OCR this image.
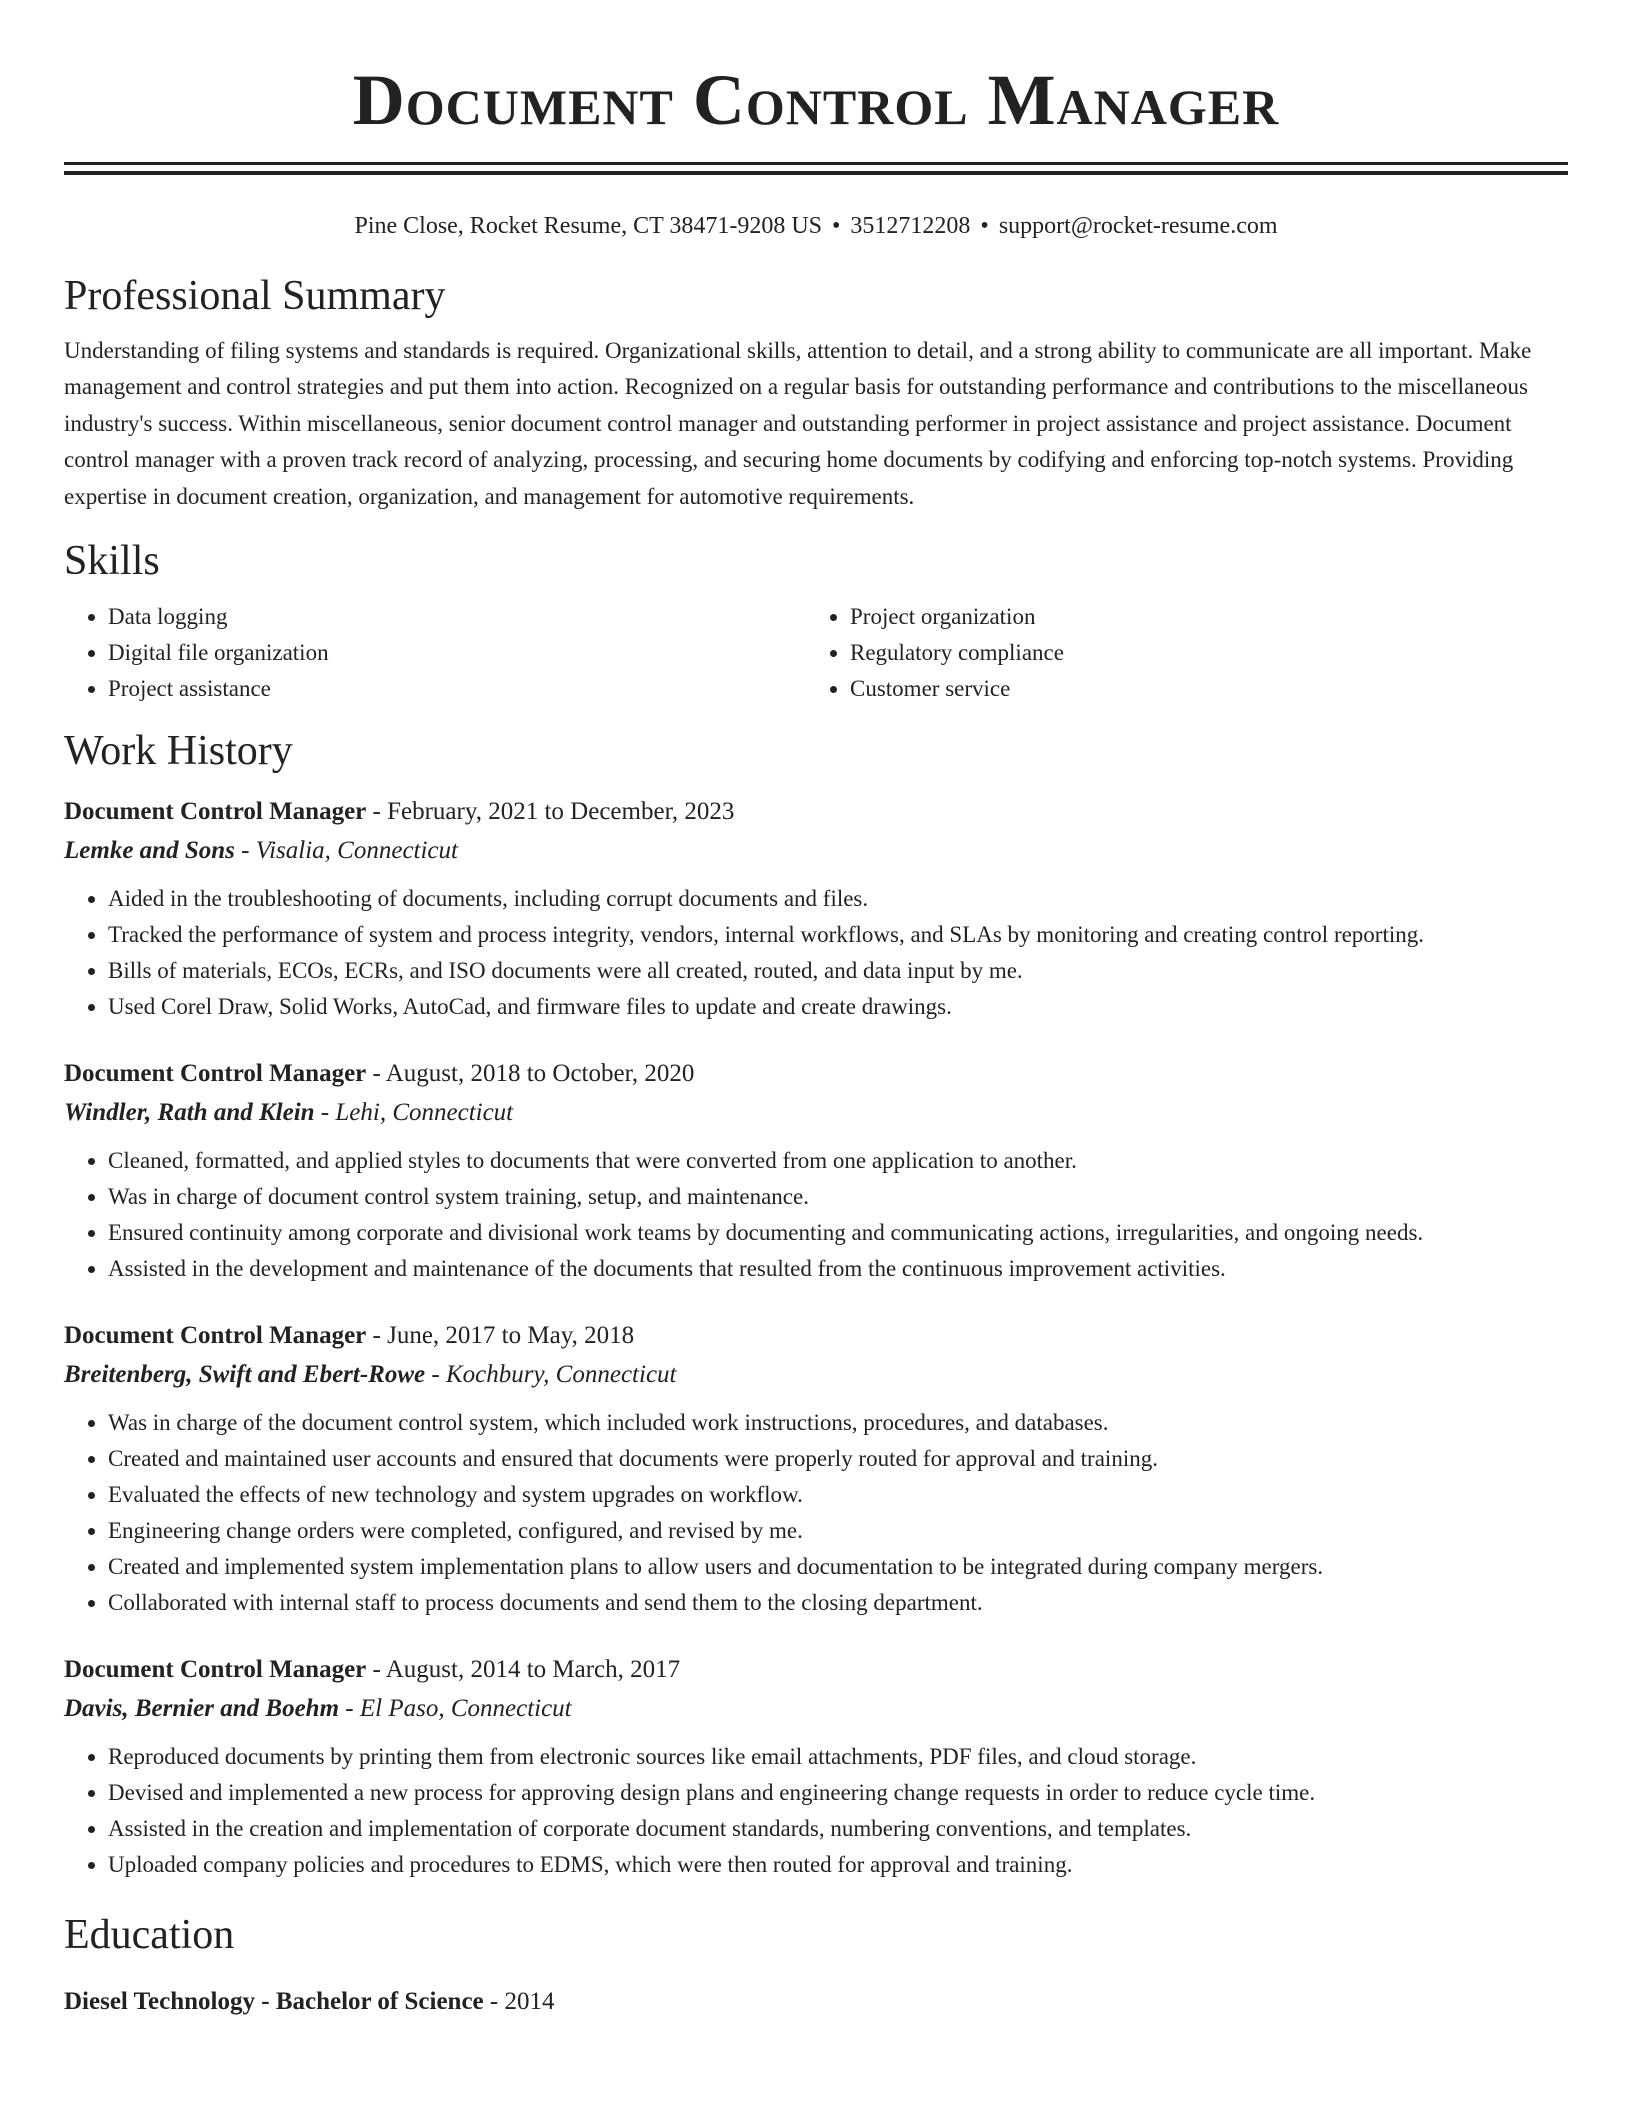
Document Control Manager
Pine Close, Rocket Resume, CT 38471-9208 US • 3512712208 • support@rocket-resume.com
Professional Summary
Understanding of filing systems and standards is required. Organizational skills, attention to detail, and a strong ability to communicate are all important. Make management and control strategies and put them into action. Recognized on a regular basis for outstanding performance and contributions to the miscellaneous industry's success. Within miscellaneous, senior document control manager and outstanding performer in project assistance and project assistance. Document control manager with a proven track record of analyzing, processing, and securing home documents by codifying and enforcing top-notch systems. Providing expertise in document creation, organization, and management for automotive requirements.
Skills
• Data logging
• Digital file organization
• Project assistance
• Project organization
• Regulatory compliance
• Customer service
Work History
Document Control Manager - February, 2021 to December, 2023
Lemke and Sons - Visalia, Connecticut
• Aided in the troubleshooting of documents, including corrupt documents and files.
• Tracked the performance of system and process integrity, vendors, internal workflows, and SLAs by monitoring and creating control reporting.
• Bills of materials, ECOs, ECRs, and ISO documents were all created, routed, and data input by me.
• Used Corel Draw, Solid Works, AutoCad, and firmware files to update and create drawings.
Document Control Manager - August, 2018 to October, 2020
Windler, Rath and Klein - Lehi, Connecticut
• Cleaned, formatted, and applied styles to documents that were converted from one application to another.
• Was in charge of document control system training, setup, and maintenance.
• Ensured continuity among corporate and divisional work teams by documenting and communicating actions, irregularities, and ongoing needs.
• Assisted in the development and maintenance of the documents that resulted from the continuous improvement activities.
Document Control Manager - June, 2017 to May, 2018
Breitenberg, Swift and Ebert-Rowe - Kochbury, Connecticut
• Was in charge of the document control system, which included work instructions, procedures, and databases.
• Created and maintained user accounts and ensured that documents were properly routed for approval and training.
• Evaluated the effects of new technology and system upgrades on workflow.
• Engineering change orders were completed, configured, and revised by me.
• Created and implemented system implementation plans to allow users and documentation to be integrated during company mergers.
• Collaborated with internal staff to process documents and send them to the closing department.
Document Control Manager - August, 2014 to March, 2017
Davis, Bernier and Boehm - El Paso, Connecticut
• Reproduced documents by printing them from electronic sources like email attachments, PDF files, and cloud storage.
• Devised and implemented a new process for approving design plans and engineering change requests in order to reduce cycle time.
• Assisted in the creation and implementation of corporate document standards, numbering conventions, and templates.
• Uploaded company policies and procedures to EDMS, which were then routed for approval and training.
Education
Diesel Technology - Bachelor of Science - 2014
